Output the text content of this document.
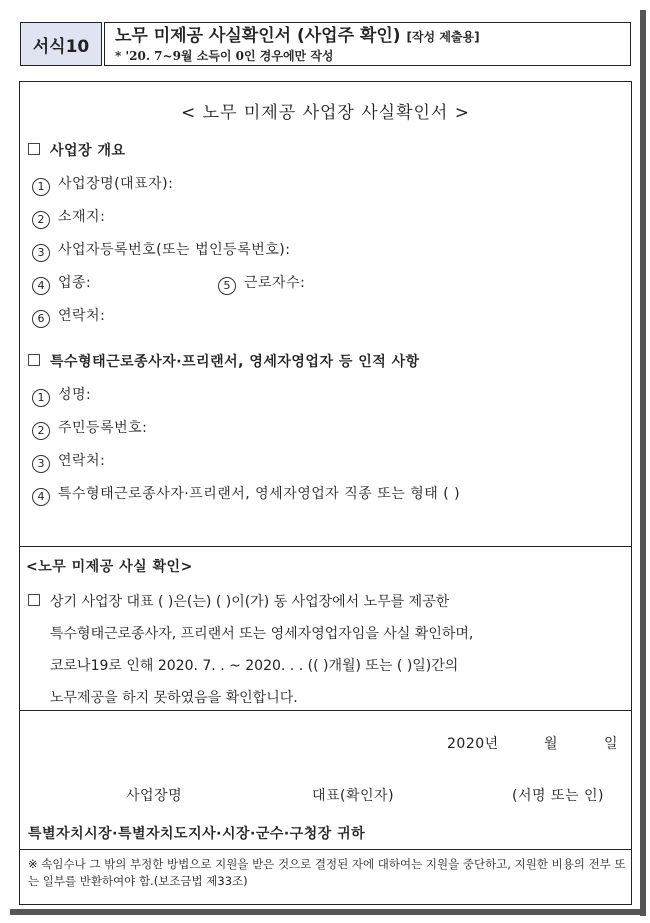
서식10
노무 미제공 사실확인서 (사업주 확인) [작성 제출용]
* '20. 7~9월 소득이 0인 경우에만 작성
< 노무 미제공 사업장 사실확인서 >
사업장 개요
1 사업장명(대표자):
2 소재지:
3 사업자등록번호(또는 법인등록번호):
4 업종:	5 근로자수:
6 연락처:
특수형태근로종사자·프리랜서, 영세자영업자 등 인적 사항
1 성명:
2 주민등록번호:
3 연락처:
4 특수형태근로종사자·프리랜서, 영세자영업자 직종 또는 형태 ( )
<노무 미제공 사실 확인>
상기 사업장 대표 ( )은(는) ( )이(가) 동 사업장에서 노무를 제공한
특수형태근로종사자, 프리랜서 또는 영세자영업자임을 사실 확인하며,
코로나19로 인해 2020. 7. . ~ 2020. . . (( )개월) 또는 ( )일)간의
노무제공을 하지 못하였음을 확인합니다.
2020년	월	일
사업장명	대표(확인자)	(서명 또는 인)
특별자치시장·특별자치도지사·시장·군수·구청장 귀하
※ 속임수나 그 밖의 부정한 방법으로 지원을 받은 것으로 결정된 자에 대하여는 지원을 중단하고, 지원한 비용의 전부 또는 일부를 반환하여야 함.(보조금법 제33조)
